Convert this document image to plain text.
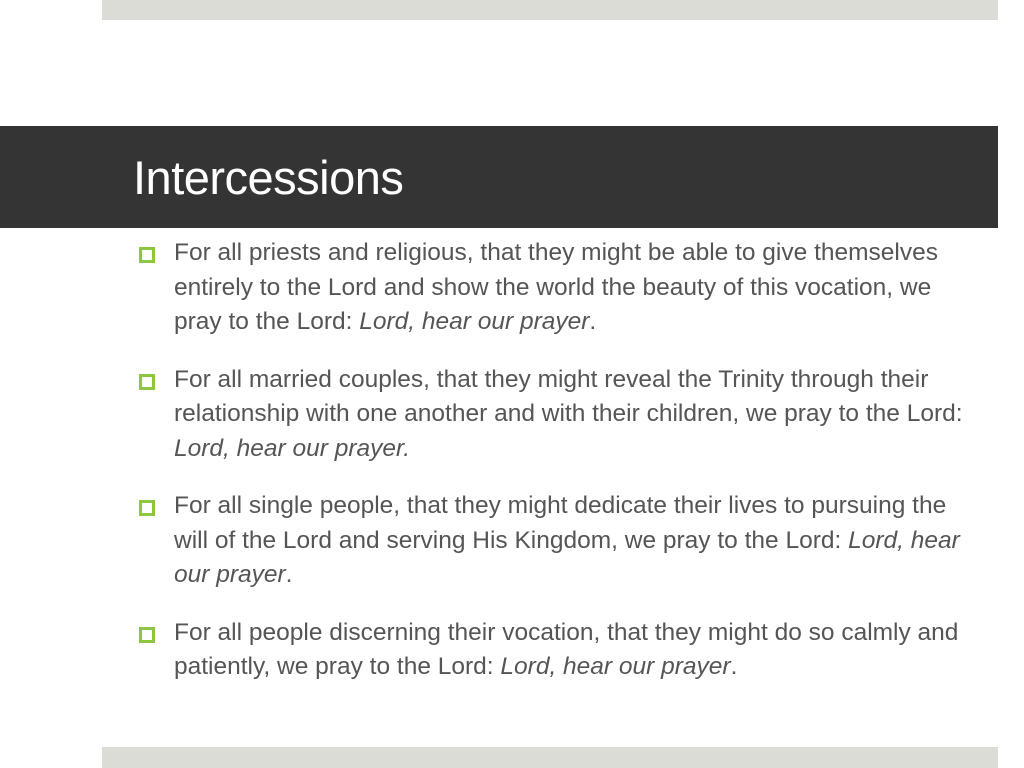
Intercessions
For all priests and religious, that they might be able to give themselves entirely to the Lord and show the world the beauty of this vocation, we pray to the Lord: Lord, hear our prayer.
For all married couples, that they might reveal the Trinity through their relationship with one another and with their children, we pray to the Lord: Lord, hear our prayer.
For all single people, that they might dedicate their lives to pursuing the will of the Lord and serving His Kingdom, we pray to the Lord: Lord, hear our prayer.
For all people discerning their vocation, that they might do so calmly and patiently, we pray to the Lord: Lord, hear our prayer.
